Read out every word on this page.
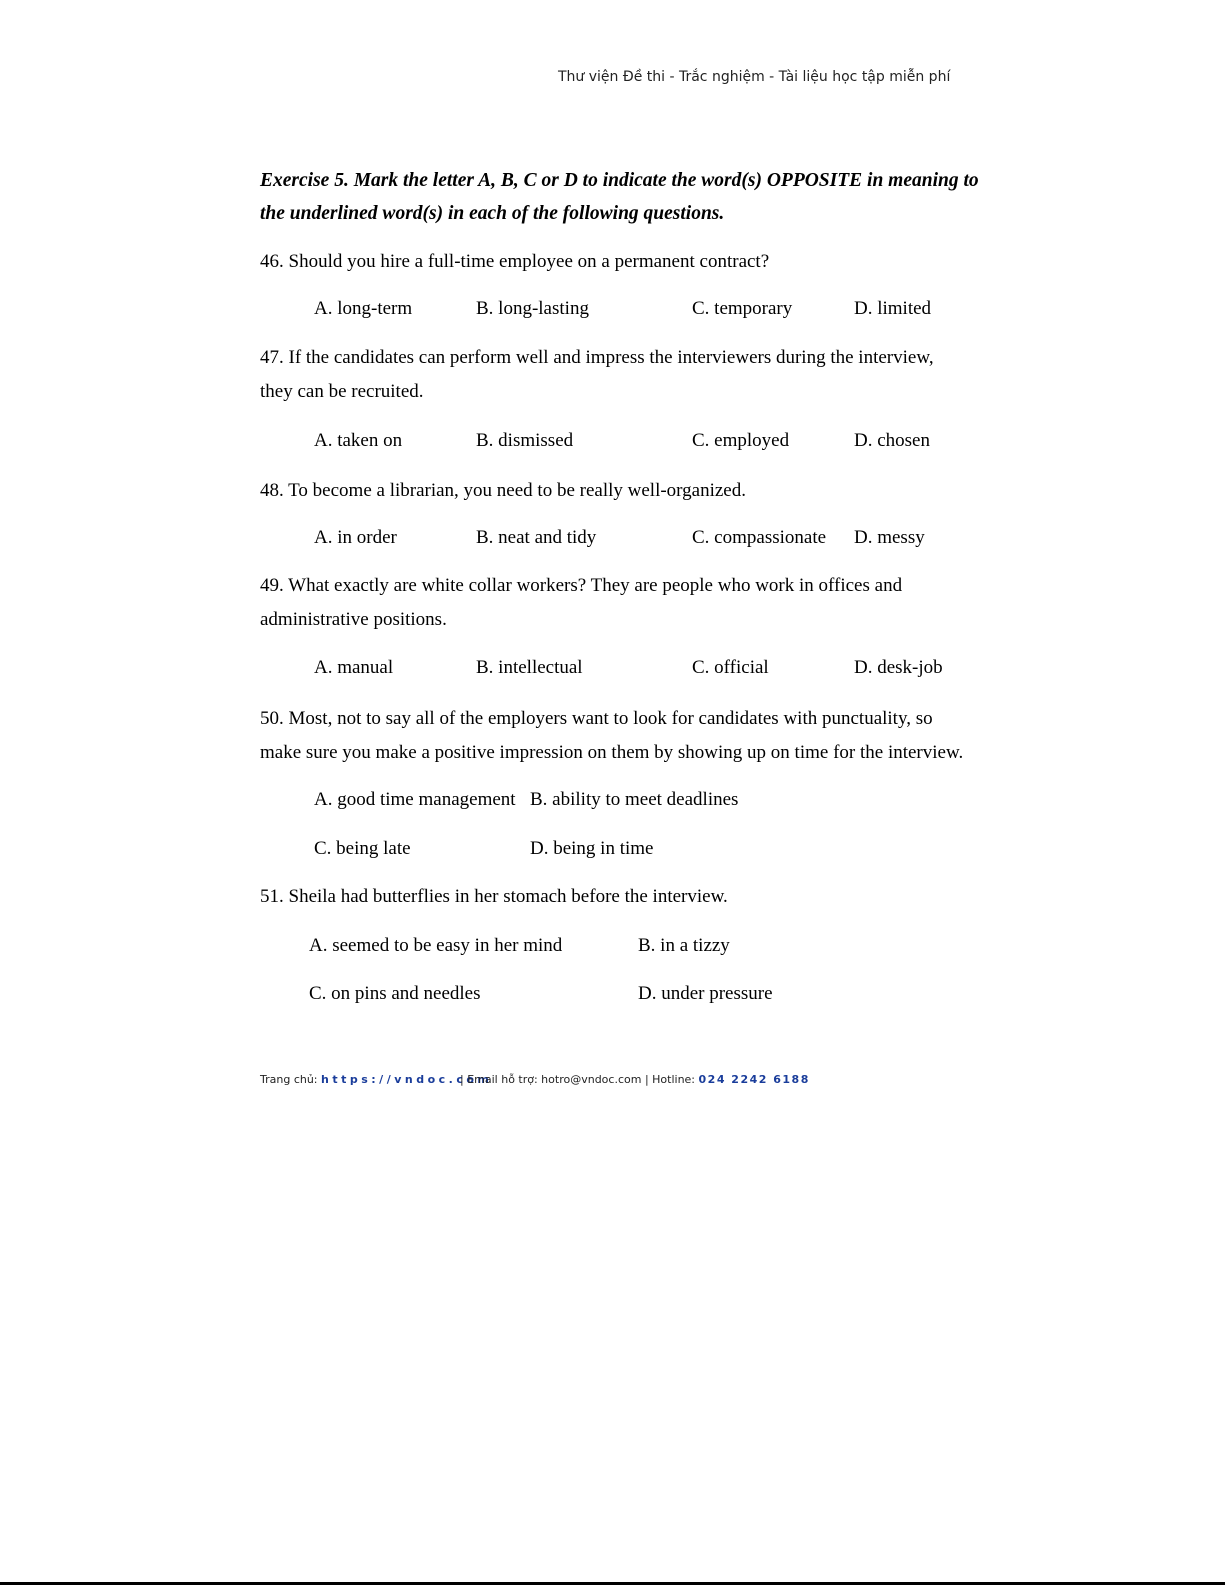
Thư viện Đề thi - Trắc nghiệm - Tài liệu học tập miễn phí
Exercise 5. Mark the letter A, B, C or D to indicate the word(s) OPPOSITE in meaning to
the underlined word(s) in each of the following questions.
46. Should you hire a full-time employee on a permanent contract?
A. long-term	B. long-lasting	C. temporary	D. limited
47. If the candidates can perform well and impress the interviewers during the interview,
they can be recruited.
A. taken on	B. dismissed	C. employed	D. chosen
48. To become a librarian, you need to be really well-organized.
A. in order	B. neat and tidy	C. compassionate D. messy
49. What exactly are white collar workers? They are people who work in offices and
administrative positions.
A. manual	B. intellectual	C. official	D. desk-job
50. Most, not to say all of the employers want to look for candidates with punctuality, so
make sure you make a positive impression on them by showing up on time for the interview.
A. good time management B. ability to meet deadlines
C. being late	D. being in time
51. Sheila had butterflies in her stomach before the interview.
A. seemed to be easy in her mind	B. in a tizzy
C. on pins and needles	D. under pressure
Trang chủ: https://vndoc.com
| Email hỗ trợ: hotro@vndoc.com | Hotline: 024 2242 6188
